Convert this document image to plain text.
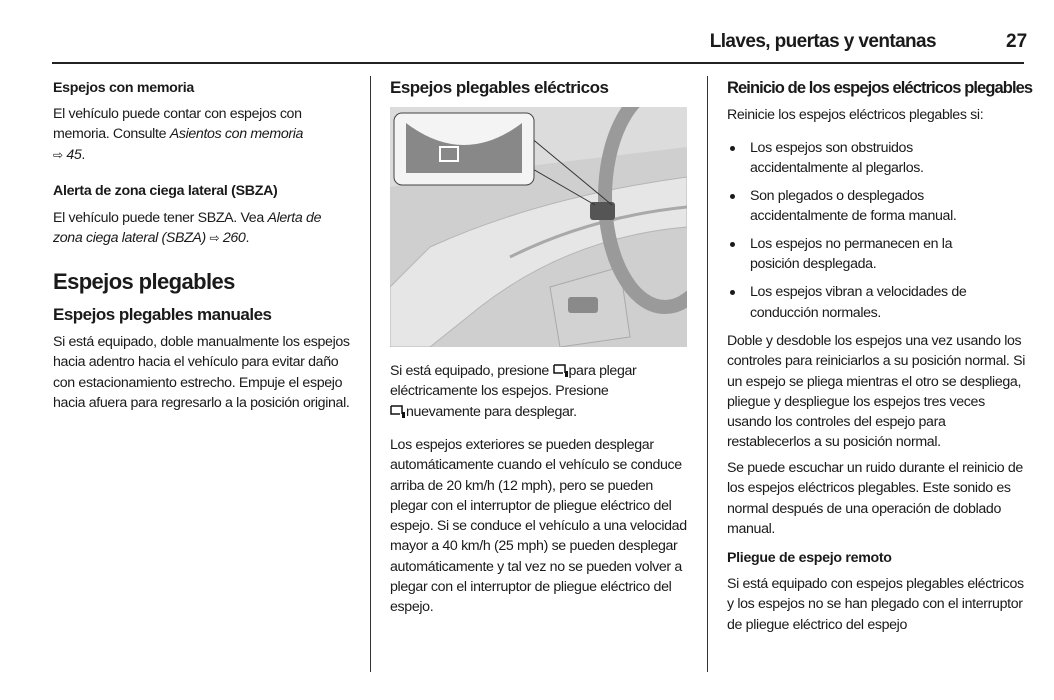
Llaves, puertas y ventanas	27
Espejos con memoria

El vehículo puede contar con espejos con memoria. Consulte Asientos con memoria
⇨ 45.

Alerta de zona ciega lateral (SBZA)

El vehículo puede tener SBZA. Vea Alerta de zona ciega lateral (SBZA) ⇨ 260.

Espejos plegables
Espejos plegables manuales

Si está equipado, doble manualmente los espejos hacia adentro hacia el vehículo para evitar daño con estacionamiento estrecho. Empuje el espejo hacia afuera para regresarlo a la posición original.

Espejos plegables eléctricos

Si está equipado, presione para plegar eléctricamente los espejos. Presione
nuevamente para desplegar.

Los espejos exteriores se pueden desplegar automáticamente cuando el vehículo se conduce arriba de 20 km/h (12 mph), pero se pueden plegar con el interruptor de pliegue eléctrico del espejo. Si se conduce el vehículo a una velocidad mayor a 40 km/h (25 mph) se pueden desplegar automáticamente y tal vez no se pueden volver a plegar con el interruptor de pliegue eléctrico del espejo.

Reinicio de los espejos eléctricos plegables

Reinicie los espejos eléctricos plegables si:

Los espejos son obstruidos accidentalmente al plegarlos.
Son plegados o desplegados accidentalmente de forma manual.
Los espejos no permanecen en la posición desplegada.
Los espejos vibran a velocidades de conducción normales.

Doble y desdoble los espejos una vez usando los controles para reiniciarlos a su posición normal. Si un espejo se pliega mientras el otro se despliega, pliegue y despliegue los espejos tres veces usando los controles del espejo para restablecerlos a su posición normal.

Se puede escuchar un ruido durante el reinicio de los espejos eléctricos plegables. Este sonido es normal después de una operación de doblado manual.

Pliegue de espejo remoto

Si está equipado con espejos plegables eléctricos y los espejos no se han plegado con el interruptor de pliegue eléctrico del espejo
